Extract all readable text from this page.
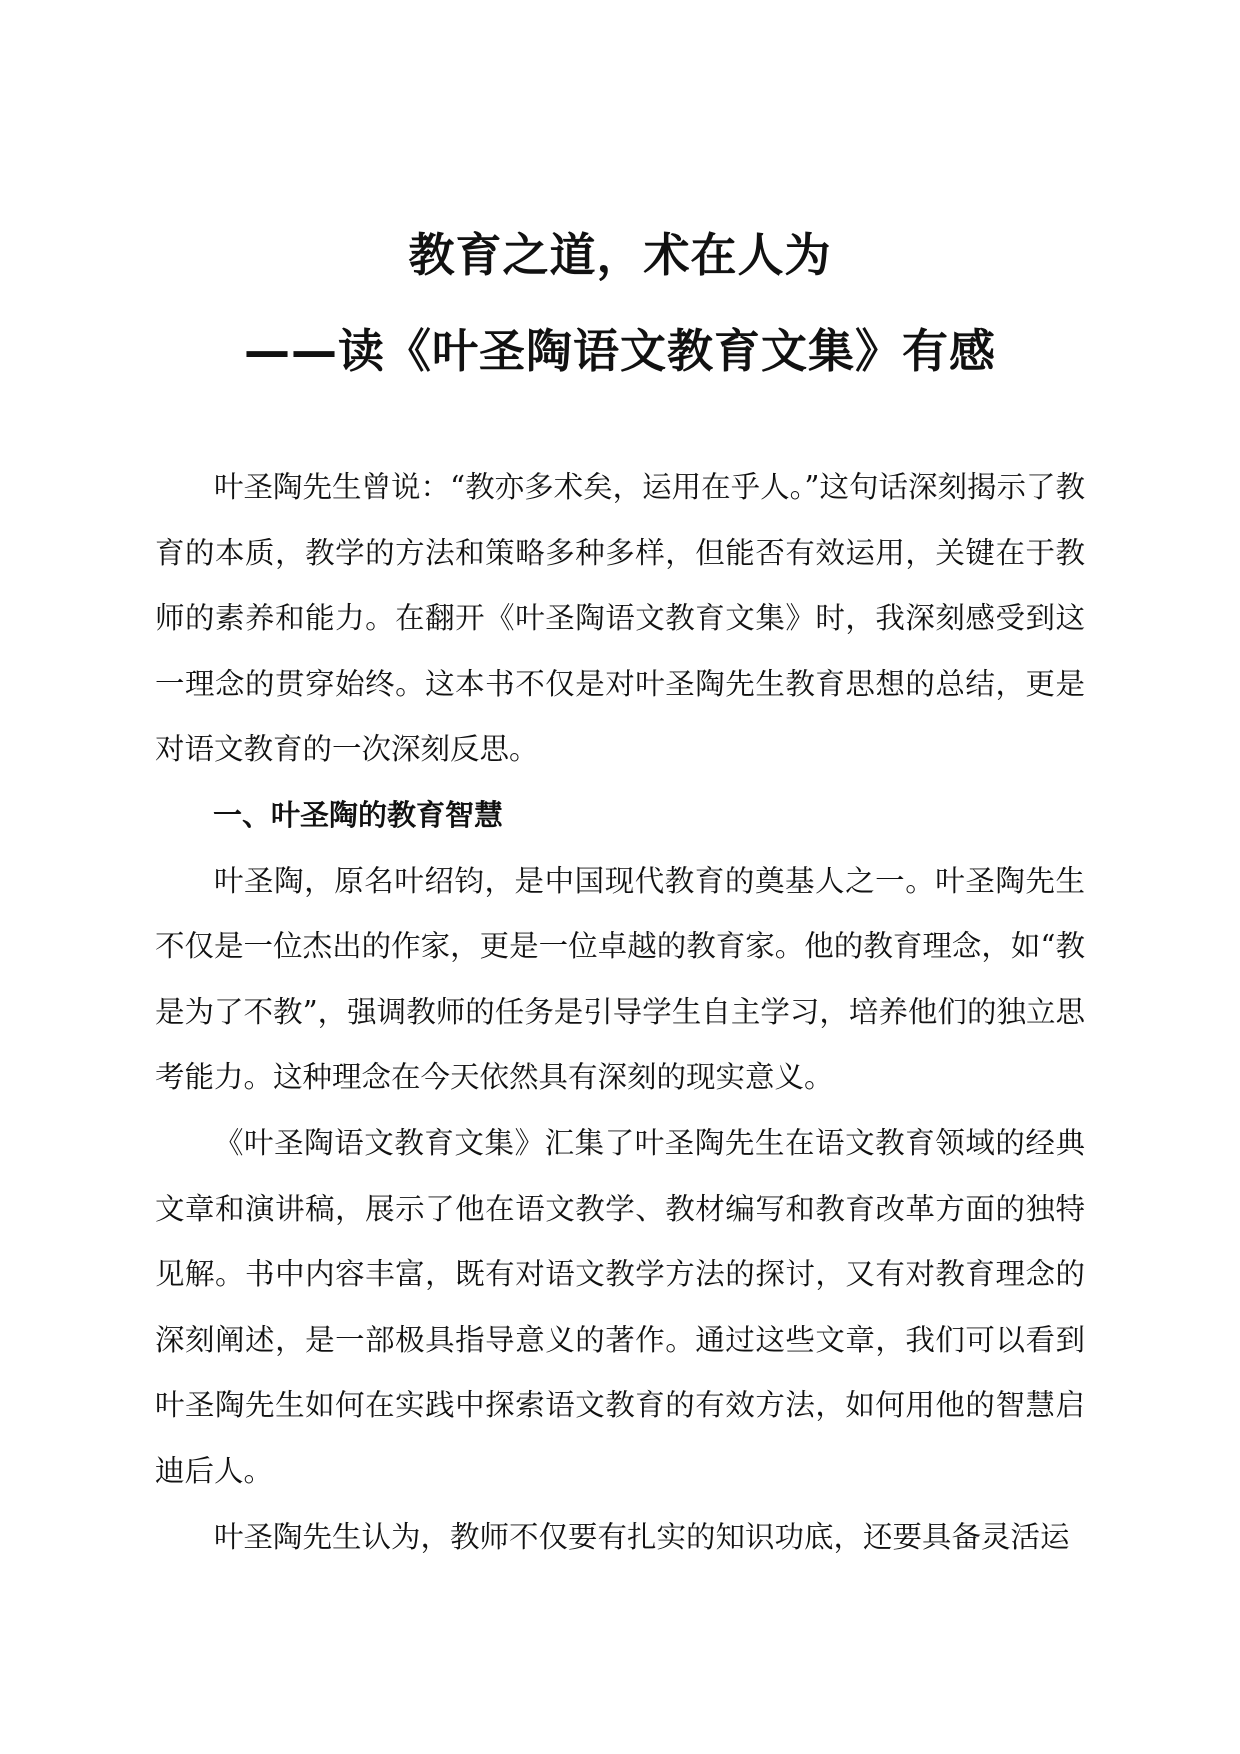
教育之道，术在人为
——读《叶圣陶语文教育文集》有感

叶圣陶先生曾说：“教亦多术矣，运用在乎人。”这句话深刻揭示了教育的本质，教学的方法和策略多种多样，但能否有效运用，关键在于教师的素养和能力。在翻开《叶圣陶语文教育文集》时，我深刻感受到这一理念的贯穿始终。这本书不仅是对叶圣陶先生教育思想的总结，更是对语文教育的一次深刻反思。

一、叶圣陶的教育智慧

叶圣陶，原名叶绍钧，是中国现代教育的奠基人之一。叶圣陶先生不仅是一位杰出的作家，更是一位卓越的教育家。他的教育理念，如“教是为了不教”，强调教师的任务是引导学生自主学习，培养他们的独立思考能力。这种理念在今天依然具有深刻的现实意义。

《叶圣陶语文教育文集》汇集了叶圣陶先生在语文教育领域的经典文章和演讲稿，展示了他在语文教学、教材编写和教育改革方面的独特见解。书中内容丰富，既有对语文教学方法的探讨，又有对教育理念的深刻阐述，是一部极具指导意义的著作。通过这些文章，我们可以看到叶圣陶先生如何在实践中探索语文教育的有效方法，如何用他的智慧启迪后人。

叶圣陶先生认为，教师不仅要有扎实的知识功底，还要具备灵活运
